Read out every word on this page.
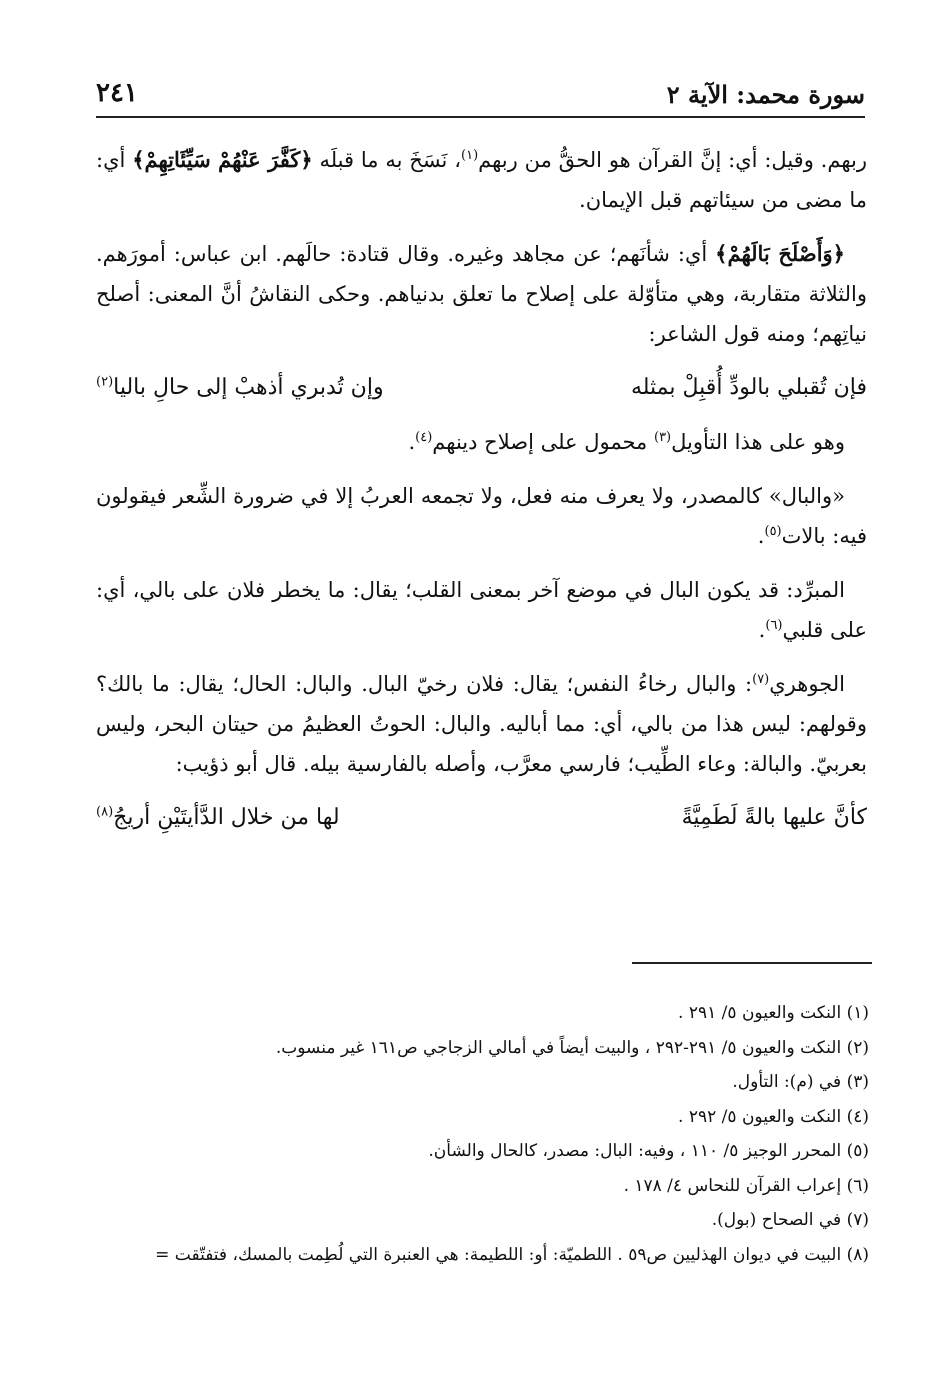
سورة محمد: الآية ٢
٢٤١

ربهم. وقيل: أي: إنَّ القرآن هو الحقُّ من ربهم$^{(١)}$، نَسَخَ به ما قبلَه ﴿كَفَّرَ عَنْهُمْ سَيِّئَاتِهِمْ﴾ أي: ما مضى من سيئاتهم قبل الإيمان.

﴿وَأَصْلَحَ بَالَهُمْ﴾ أي: شأنَهم؛ عن مجاهد وغيره. وقال قتادة: حالَهم. ابن عباس: أمورَهم. والثلاثة متقاربة، وهي متأوّلة على إصلاح ما تعلق بدنياهم. وحكى النقاشُ أنَّ المعنى: أصلح نياتِهم؛ ومنه قول الشاعر:

فإن تُقبلي بالودِّ أُقبِلْ بمثله
وإن تُدبري أذهبْ إلى حالِ باليا$^{(٢)}$

وهو على هذا التأويل$^{(٣)}$ محمول على إصلاح دينهم$^{(٤)}$.

«والبال» كالمصدر، ولا يعرف منه فعل، ولا تجمعه العربُ إلا في ضرورة الشِّعر فيقولون فيه: بالات$^{(٥)}$.

المبرِّد: قد يكون البال في موضع آخر بمعنى القلب؛ يقال: ما يخطر فلان على بالي، أي: على قلبي$^{(٦)}$.

الجوهري$^{(٧)}$: والبال رخاءُ النفس؛ يقال: فلان رخيّ البال. والبال: الحال؛ يقال: ما بالك؟ وقولهم: ليس هذا من بالي، أي: مما أباليه. والبال: الحوتُ العظيمُ من حيتان البحر، وليس بعربيّ. والبالة: وعاء الطِّيب؛ فارسي معرَّب، وأصله بالفارسية بيله. قال أبو ذؤيب:

كأنَّ عليها بالةً لَطَمِيَّةً
لها من خلال الدَّأيتَيْنِ أريجُ$^{(٨)}$
(١) النكت والعيون ٥/ ٢٩١ .
(٢) النكت والعيون ٥/ ٢٩١-٢٩٢ ، والبيت أيضاً في أمالي الزجاجي ص١٦١ غير منسوب.
(٣) في (م): التأول.
(٤) النكت والعيون ٥/ ٢٩٢ .
(٥) المحرر الوجيز ٥/ ١١٠ ، وفيه: البال: مصدر، كالحال والشأن.
(٦) إعراب القرآن للنحاس ٤/ ١٧٨ .
(٧) في الصحاح (بول).
(٨) البيت في ديوان الهذليين ص٥٩ . اللطميّة: أو: اللطيمة: هي العنبرة التي لُطِمت بالمسك، فتفتّقت =
